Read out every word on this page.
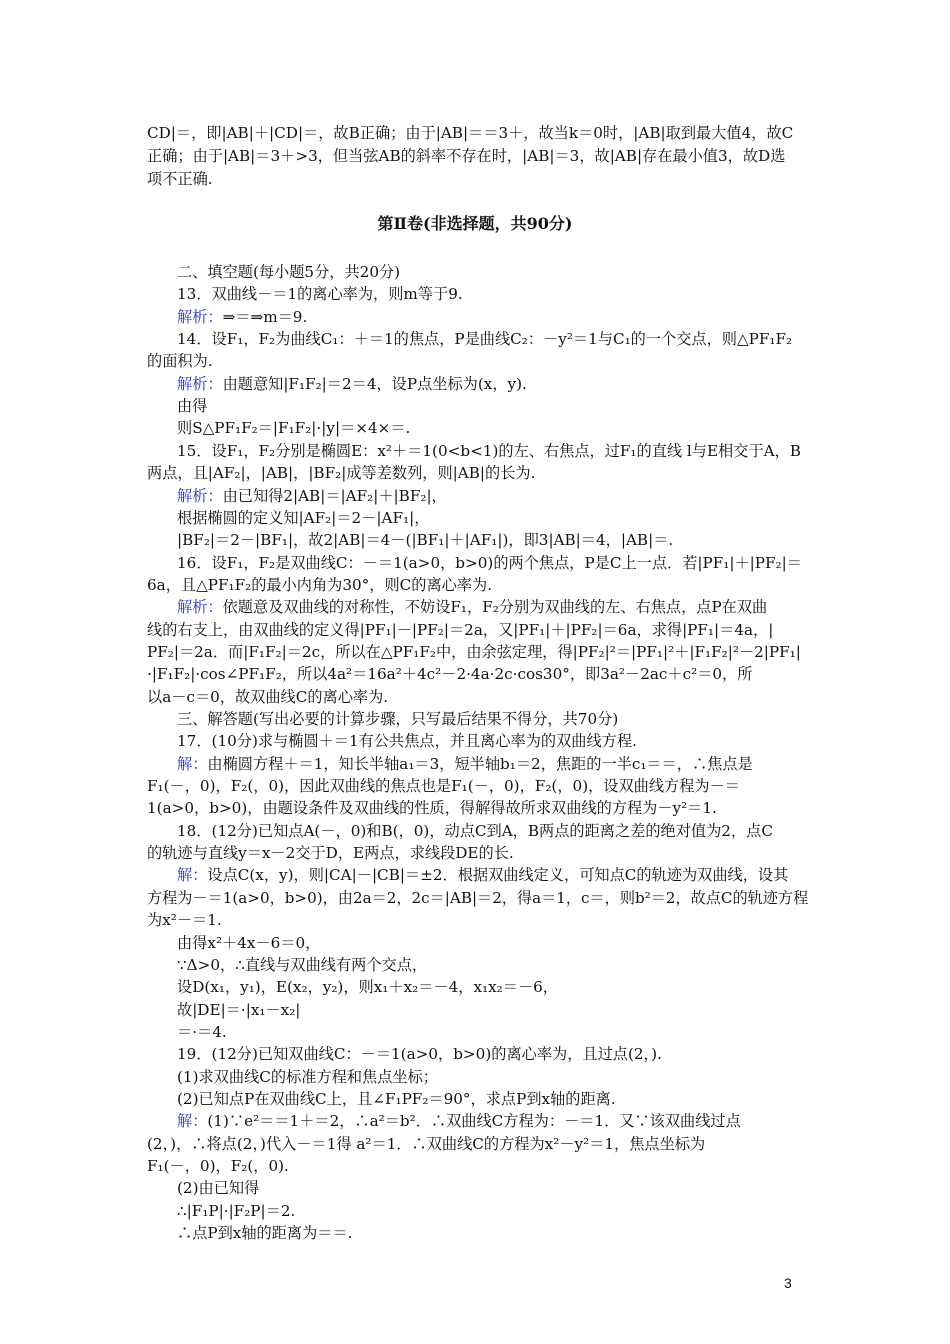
CD|＝，即|AB|＋|CD|＝，故B正确；由于|AB|＝＝3＋，故当k＝0时，|AB|取到最大值4，故C
正确；由于|AB|＝3＋>3，但当弦AB的斜率不存在时，|AB|＝3，故|AB|存在最小值3，故D选
项不正确.
第Ⅱ卷(非选择题，共90分)
二、填空题(每小题5分，共20分)
13．双曲线－＝1的离心率为，则m等于9.
解析：⇒＝⇒m＝9.
14．设F₁，F₂为曲线C₁：＋＝1的焦点，P是曲线C₂：－y²＝1与C₁的一个交点，则△PF₁F₂
的面积为.
解析：由题意知|F₁F₂|＝2＝4，设P点坐标为(x，y).
由得
则S△PF₁F₂＝|F₁F₂|·|y|＝×4×＝.
15．设F₁，F₂分别是椭圆E：x²＋＝1(0<b<1)的左、右焦点，过F₁的直线 l与E相交于A，B
两点，且|AF₂|，|AB|，|BF₂|成等差数列，则|AB|的长为.
解析：由已知得2|AB|＝|AF₂|＋|BF₂|，
根据椭圆的定义知|AF₂|＝2－|AF₁|，
|BF₂|＝2－|BF₁|，故2|AB|＝4－(|BF₁|＋|AF₁|)，即3|AB|＝4，|AB|＝.
16．设F₁，F₂是双曲线C：－＝1(a>0，b>0)的两个焦点，P是C上一点．若|PF₁|＋|PF₂|＝
6a，且△PF₁F₂的最小内角为30°，则C的离心率为.
解析：依题意及双曲线的对称性，不妨设F₁，F₂分别为双曲线的左、右焦点，点P在双曲
线的右支上，由双曲线的定义得|PF₁|－|PF₂|＝2a，又|PF₁|＋|PF₂|＝6a，求得|PF₁|＝4a，|
PF₂|＝2a．而|F₁F₂|＝2c，所以在△PF₁F₂中，由余弦定理，得|PF₂|²＝|PF₁|²＋|F₁F₂|²－2|PF₁|
·|F₁F₂|·cos∠PF₁F₂，所以4a²＝16a²＋4c²－2·4a·2c·cos30°，即3a²－2ac＋c²＝0，所
以a－c＝0，故双曲线C的离心率为.
三、解答题(写出必要的计算步骤，只写最后结果不得分，共70分)
17．(10分)求与椭圆＋＝1有公共焦点，并且离心率为的双曲线方程.
解：由椭圆方程＋＝1，知长半轴a₁＝3，短半轴b₁＝2，焦距的一半c₁＝＝，∴焦点是
F₁(－，0)，F₂(，0)，因此双曲线的焦点也是F₁(－，0)，F₂(，0)，设双曲线方程为－＝
1(a>0，b>0)，由题设条件及双曲线的性质，得解得故所求双曲线的方程为－y²＝1.
18．(12分)已知点A(－，0)和B(，0)，动点C到A，B两点的距离之差的绝对值为2，点C
的轨迹与直线y＝x－2交于D，E两点，求线段DE的长.
解：设点C(x，y)，则|CA|－|CB|＝±2．根据双曲线定义，可知点C的轨迹为双曲线，设其
方程为－＝1(a>0，b>0)，由2a＝2，2c＝|AB|＝2，得a＝1，c＝，则b²＝2，故点C的轨迹方程
为x²－＝1.
由得x²＋4x－6＝0，
∵Δ>0，∴直线与双曲线有两个交点，
设D(x₁，y₁)，E(x₂，y₂)，则x₁＋x₂＝－4，x₁x₂＝－6，
故|DE|＝·|x₁－x₂|
＝·＝4.
19．(12分)已知双曲线C：－＝1(a>0，b>0)的离心率为，且过点(2，).
(1)求双曲线C的标准方程和焦点坐标；
(2)已知点P在双曲线C上，且∠F₁PF₂＝90°，求点P到x轴的距离.
解：(1)∵e²＝＝1＋＝2，∴a²＝b²．∴双曲线C方程为：－＝1．又∵该双曲线过点
(2，)，∴将点(2，)代入－＝1得 a²＝1．∴双曲线C的方程为x²－y²＝1，焦点坐标为
F₁(－，0)，F₂(，0).
(2)由已知得
∴|F₁P|·|F₂P|＝2.
∴点P到x轴的距离为＝＝.
3
